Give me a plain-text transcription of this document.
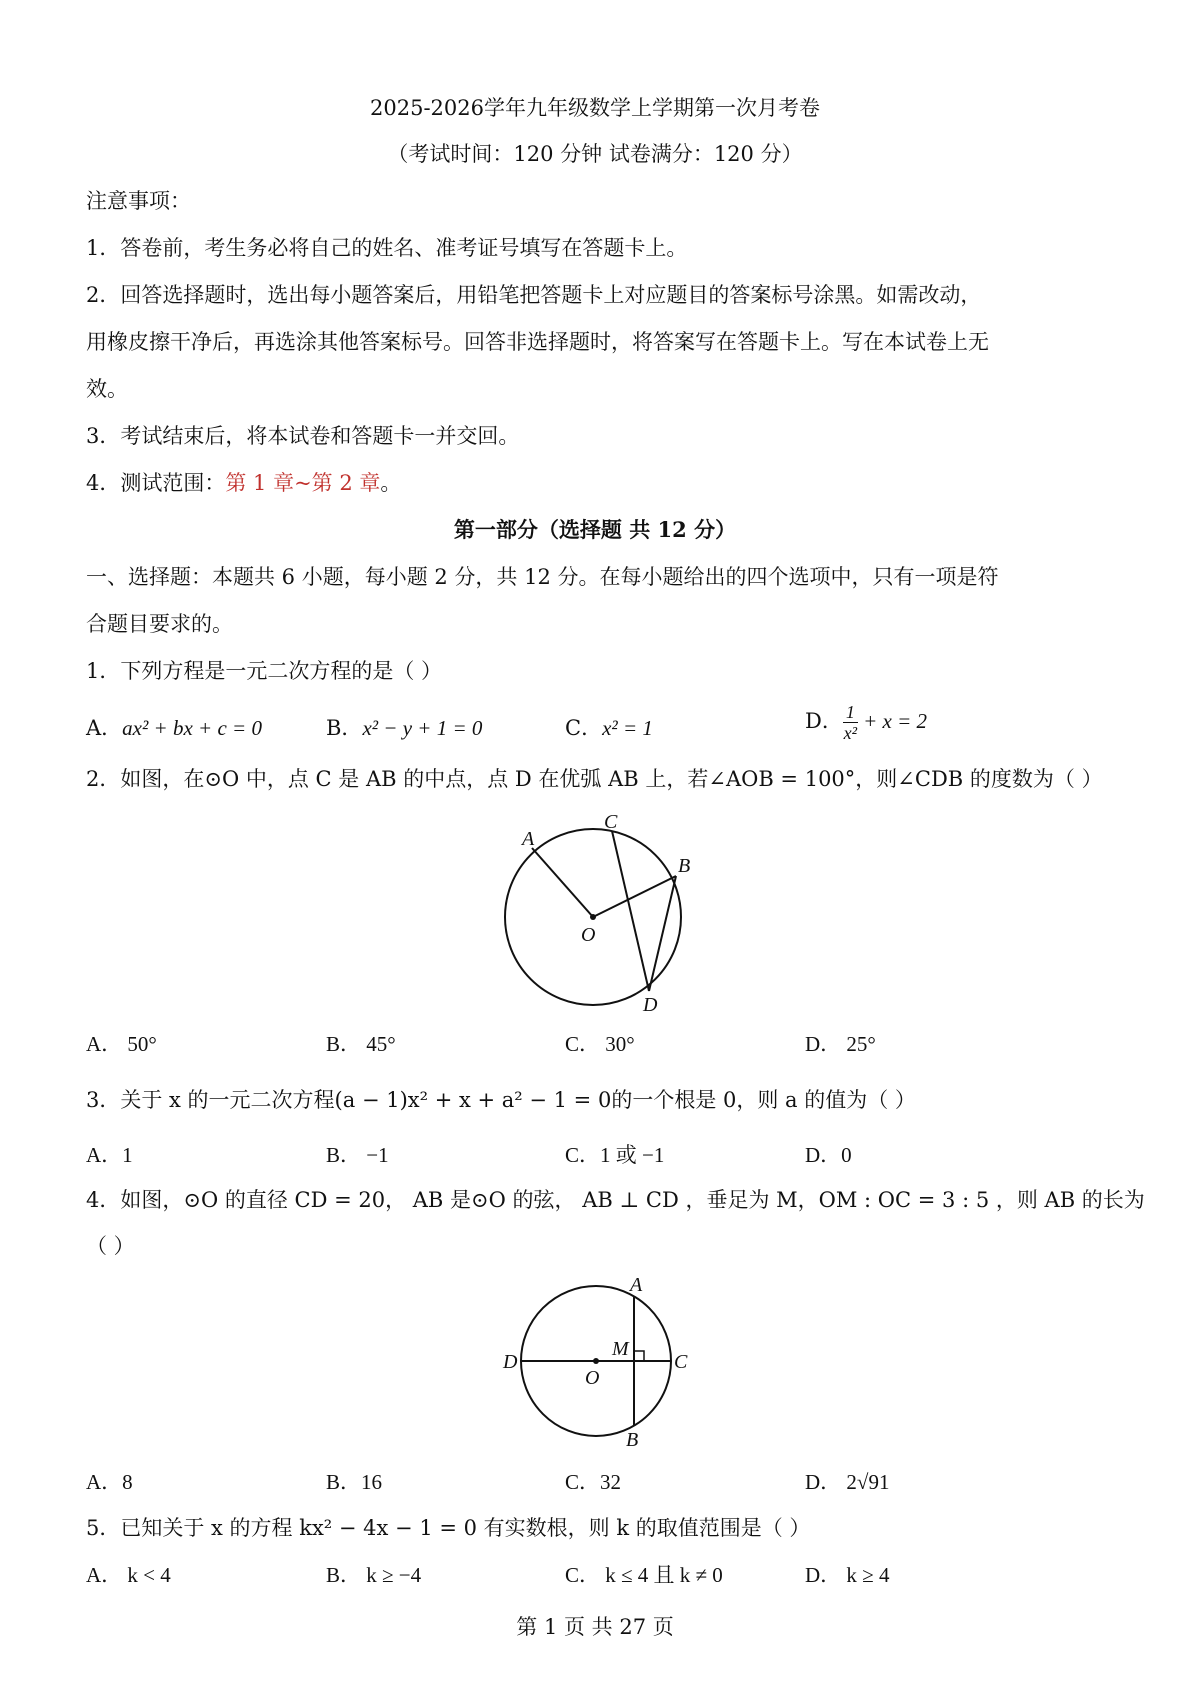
2025-2026学年九年级数学上学期第一次月考卷
（考试时间：120 分钟 试卷满分：120 分）
注意事项：
1．答卷前，考生务必将自己的姓名、准考证号填写在答题卡上。
2．回答选择题时，选出每小题答案后，用铅笔把答题卡上对应题目的答案标号涂黑。如需改动，
用橡皮擦干净后，再选涂其他答案标号。回答非选择题时，将答案写在答题卡上。写在本试卷上无
效。
3．考试结束后，将本试卷和答题卡一并交回。
4．测试范围：第 1 章~第 2 章。
第一部分（选择题 共 12 分）
一、选择题：本题共 6 小题，每小题 2 分，共 12 分。在每小题给出的四个选项中，只有一项是符
合题目要求的。
1．下列方程是一元二次方程的是（ ）
A．ax² + bx + c = 0	B．x² − y + 1 = 0	C．x² = 1	D． $\frac{1}{\text{x²}} + x = 2$
2．如图，在⊙O 中，点 C 是 AB 的中点，点 D 在优弧 AB 上，若∠AOB = 100°，则∠CDB 的度数为（ ）
A
C
B
O
D
A． 50°	B． 45°	C． 30°	D． 25°
3．关于 x 的一元二次方程(a − 1)x² + x + a² − 1 = 0的一个根是 0，则 a 的值为（ ）
A．1	B． −1	C．1 或 −1	D．0
4．如图，⊙O 的直径 CD = 20， AB 是⊙O 的弦， AB ⊥ CD ，垂足为 M，OM : OC = 3 : 5 ，则 AB 的长为
（ ）
A
B
C
D
M
O
A．8	B．16	C．32	D． 2√91
5．已知关于 x 的方程 kx² − 4x − 1 = 0 有实数根，则 k 的取值范围是（ ）
A． k < 4	B． k ≥ −4	C． k ≤ 4 且 k ≠ 0	D． k ≥ 4
第 1 页 共 27 页
